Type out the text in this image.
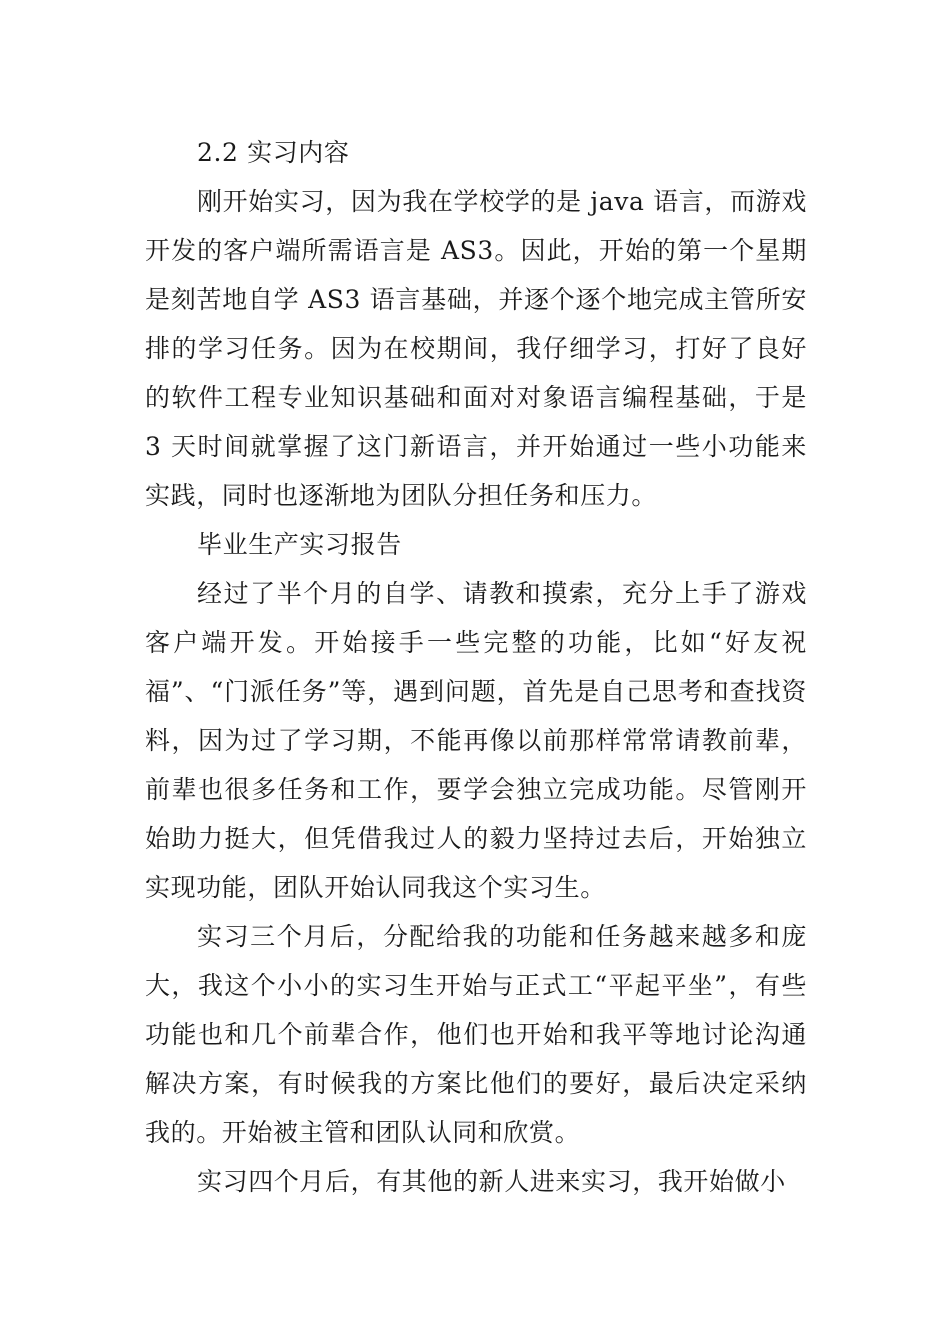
2.2 实习内容

刚开始实习，因为我在学校学的是 java 语言，而游戏开发的客户端所需语言是 AS3。因此，开始的第一个星期是刻苦地自学 AS3 语言基础，并逐个逐个地完成主管所安排的学习任务。因为在校期间，我仔细学习，打好了良好的软件工程专业知识基础和面对对象语言编程基础，于是 3 天时间就掌握了这门新语言，并开始通过一些小功能来实践，同时也逐渐地为团队分担任务和压力。

毕业生产实习报告

经过了半个月的自学、请教和摸索，充分上手了游戏客户端开发。开始接手一些完整的功能，比如“好友祝福”、“门派任务”等，遇到问题，首先是自己思考和查找资料，因为过了学习期，不能再像以前那样常常请教前辈，前辈也很多任务和工作，要学会独立完成功能。尽管刚开始助力挺大，但凭借我过人的毅力坚持过去后，开始独立实现功能，团队开始认同我这个实习生。

实习三个月后，分配给我的功能和任务越来越多和庞大，我这个小小的实习生开始与正式工“平起平坐”，有些功能也和几个前辈合作，他们也开始和我平等地讨论沟通解决方案，有时候我的方案比他们的要好，最后决定采纳我的。开始被主管和团队认同和欣赏。

实习四个月后，有其他的新人进来实习，我开始做小
